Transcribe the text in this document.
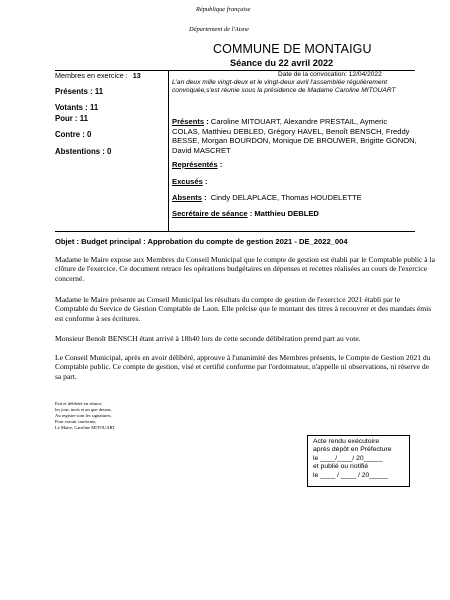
République française
Département de l'Aisne
COMMUNE DE MONTAIGU
Séance du 22 avril 2022
Membres en exercice : 13
Présents : 11
Votants : 11
Pour : 11
Contre : 0
Abstentions : 0
Date de la convocation: 12/04/2022
L'an deux mille vingt-deux et le vingt-deux avril l'assemblée régulièrement convoquée,s'est réunie sous la présidence de Madame Caroline MITOUART
Présents : Caroline MITOUART, Alexandre PRESTAIL, Aymeric COLAS, Matthieu DEBLED, Grégory HAVEL, Benoît BENSCH, Freddy BESSE, Morgan BOURDON, Monique DE BROUWER, Brigitte GONON, David MASCRET
Représentés :
Excusés :
Absents : Cindy DELAPLACE, Thomas HOUDELETTE
Secrétaire de séance : Matthieu DEBLED
Objet : Budget principal : Approbation du compte de gestion 2021 - DE_2022_004
Madame le Maire expose aux Membres du Conseil Municipal que le compte de gestion est établi par le Comptable public à la clôture de l'exercice. Ce document retrace les opérations budgétaires en dépenses et recettes réalisées au cours de l'exercice concerné.
Madame le Maire présente au Conseil Municipal les résultats du compte de gestion de l'exercice 2021 établi par le Comptable du Service de Gestion Comptable de Laon. Elle précise que le montant des titres à recouvrer et des mandats émis est conforme à ses écritures.
Monsieur Benoît BENSCH étant arrivé à 18h40 lors de cette seconde délibération prend part au vote.
Le Conseil Municipal, après en avoir délibéré, approuve à l'unanimité des Membres présents, le Compte de Gestion 2021 du Comptable public. Ce compte de gestion, visé et certifié conforme par l'ordonnateur, n'appelle ni observations, ni réserve de sa part.
Fait et délibéré en séance,
les jour, mois et an que dessus,
Au registre sont les signatures,
Pour extrait conforme,
Le Maire, Caroline MITOUART
Acte rendu exécutoire
après dépôt en Préfecture
le ____/____/ 20_____
et publié ou notifié
le ____ / ____ / 20_____
